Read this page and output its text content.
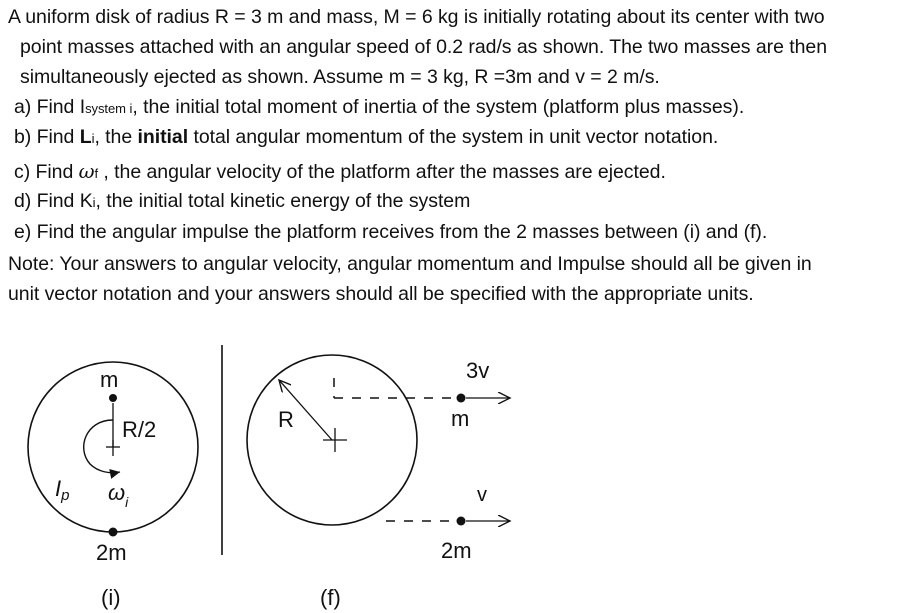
A uniform disk of radius R = 3 m and mass, M = 6 kg is initially rotating about its center with two
point masses attached with an angular speed of 0.2 rad/s as shown. The two masses are then
simultaneously ejected as shown. Assume m = 3 kg, R =3m and v = 2 m/s.
a) Find Isystem i, the initial total moment of inertia of the system (platform plus masses).
b) Find Li, the initial total angular momentum of the system in unit vector notation.
c) Find ωf , the angular velocity of the platform after the masses are ejected.
d) Find Ki, the initial total kinetic energy of the system
e) Find the angular impulse the platform receives from the 2 masses between (i) and (f).
Note: Your answers to angular velocity, angular momentum and Impulse should all be given in
unit vector notation and your answers should all be specified with the appropriate units.
m
R/2
Ip $\omega_i$
2m
(i)
R
3v
m
v
2m
(f)
